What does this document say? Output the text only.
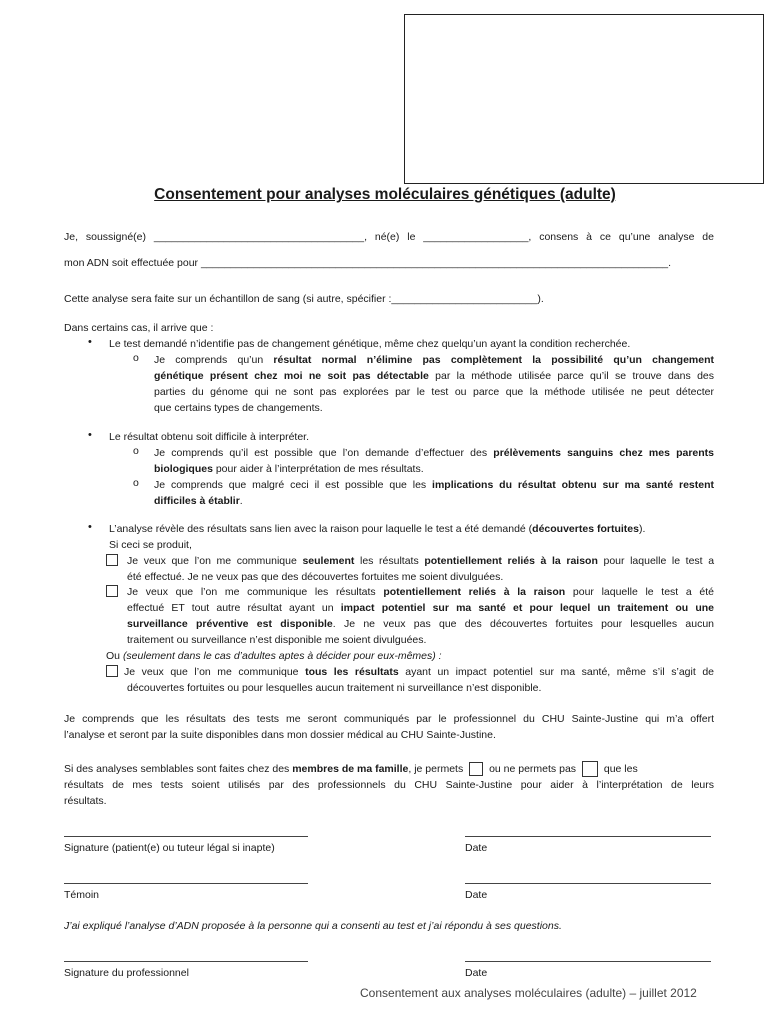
Consentement pour analyses moléculaires génétiques (adulte)
Je, soussigné(e) ____________________________________, né(e) le __________________, consens à ce qu’une analyse de
mon ADN soit effectuée pour ________________________________________________________________________________.
Cette analyse sera faite sur un échantillon de sang (si autre, spécifier :_________________________).
Dans certains cas, il arrive que :
•	Le test demandé n’identifie pas de changement génétique, même chez quelqu’un ayant la condition recherchée.
o	Je comprends qu’un résultat normal n’élimine pas complètement la possibilité qu’un changement
génétique présent chez moi ne soit pas détectable par la méthode utilisée parce qu’il se trouve dans des
parties du génome qui ne sont pas explorées par le test ou parce que la méthode utilisée ne peut détecter
que certains types de changements.
•	Le résultat obtenu soit difficile à interpréter.
o	Je comprends qu’il est possible que l’on demande d’effectuer des prélèvements sanguins chez mes parents
biologiques pour aider à l’interprétation de mes résultats.
o	Je comprends que malgré ceci il est possible que les implications du résultat obtenu sur ma santé restent
difficiles à établir.
•	L’analyse révèle des résultats sans lien avec la raison pour laquelle le test a été demandé (découvertes fortuites).
Si ceci se produit,
Je veux que l’on me communique seulement les résultats potentiellement reliés à la raison pour laquelle le test a
été effectué. Je ne veux pas que des découvertes fortuites me soient divulguées.
Je veux que l’on me communique les résultats potentiellement reliés à la raison pour laquelle le test a été
effectué ET tout autre résultat ayant un impact potentiel sur ma santé et pour lequel un traitement ou une
surveillance préventive est disponible. Je ne veux pas que des découvertes fortuites pour lesquelles aucun
traitement ou surveillance n’est disponible me soient divulguées.
Ou (seulement dans le cas d’adultes aptes à décider pour eux-mêmes) :
Je veux que l’on me communique tous les résultats ayant un impact potentiel sur ma santé, même s’il s’agit de
découvertes fortuites ou pour lesquelles aucun traitement ni surveillance n’est disponible.
Je comprends que les résultats des tests me seront communiqués par le professionnel du CHU Sainte-Justine qui m’a offert
l’analyse et seront par la suite disponibles dans mon dossier médical au CHU Sainte-Justine.
Si des analyses semblables sont faites chez des membres de ma famille, je permets ou ne permets pas	que les
résultats de mes tests soient utilisés par des professionnels du CHU Sainte-Justine pour aider à l’interprétation de leurs
résultats.
Signature (patient(e) ou tuteur légal si inapte)	Date
Témoin	Date
J’ai expliqué l’analyse d’ADN proposée à la personne qui a consenti au test et j’ai répondu à ses questions.
Signature du professionnel	Date
Consentement aux analyses moléculaires (adulte) – juillet 2012
